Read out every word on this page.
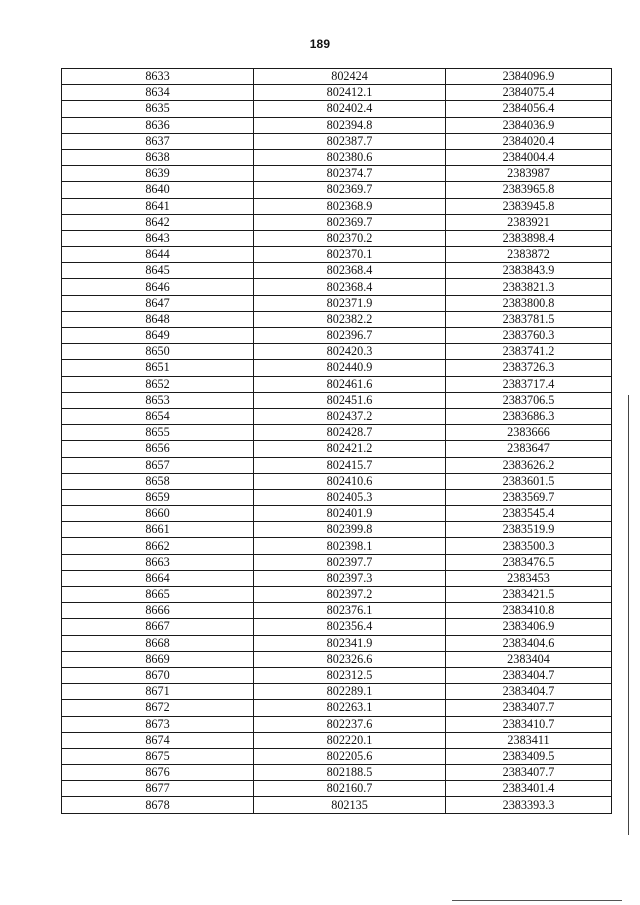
189
8633	802424	2384096.9
8634	802412.1	2384075.4
8635	802402.4	2384056.4
8636	802394.8	2384036.9
8637	802387.7	2384020.4
8638	802380.6	2384004.4
8639	802374.7	2383987
8640	802369.7	2383965.8
8641	802368.9	2383945.8
8642	802369.7	2383921
8643	802370.2	2383898.4
8644	802370.1	2383872
8645	802368.4	2383843.9
8646	802368.4	2383821.3
8647	802371.9	2383800.8
8648	802382.2	2383781.5
8649	802396.7	2383760.3
8650	802420.3	2383741.2
8651	802440.9	2383726.3
8652	802461.6	2383717.4
8653	802451.6	2383706.5
8654	802437.2	2383686.3
8655	802428.7	2383666
8656	802421.2	2383647
8657	802415.7	2383626.2
8658	802410.6	2383601.5
8659	802405.3	2383569.7
8660	802401.9	2383545.4
8661	802399.8	2383519.9
8662	802398.1	2383500.3
8663	802397.7	2383476.5
8664	802397.3	2383453
8665	802397.2	2383421.5
8666	802376.1	2383410.8
8667	802356.4	2383406.9
8668	802341.9	2383404.6
8669	802326.6	2383404
8670	802312.5	2383404.7
8671	802289.1	2383404.7
8672	802263.1	2383407.7
8673	802237.6	2383410.7
8674	802220.1	2383411
8675	802205.6	2383409.5
8676	802188.5	2383407.7
8677	802160.7	2383401.4
8678	802135	2383393.3
